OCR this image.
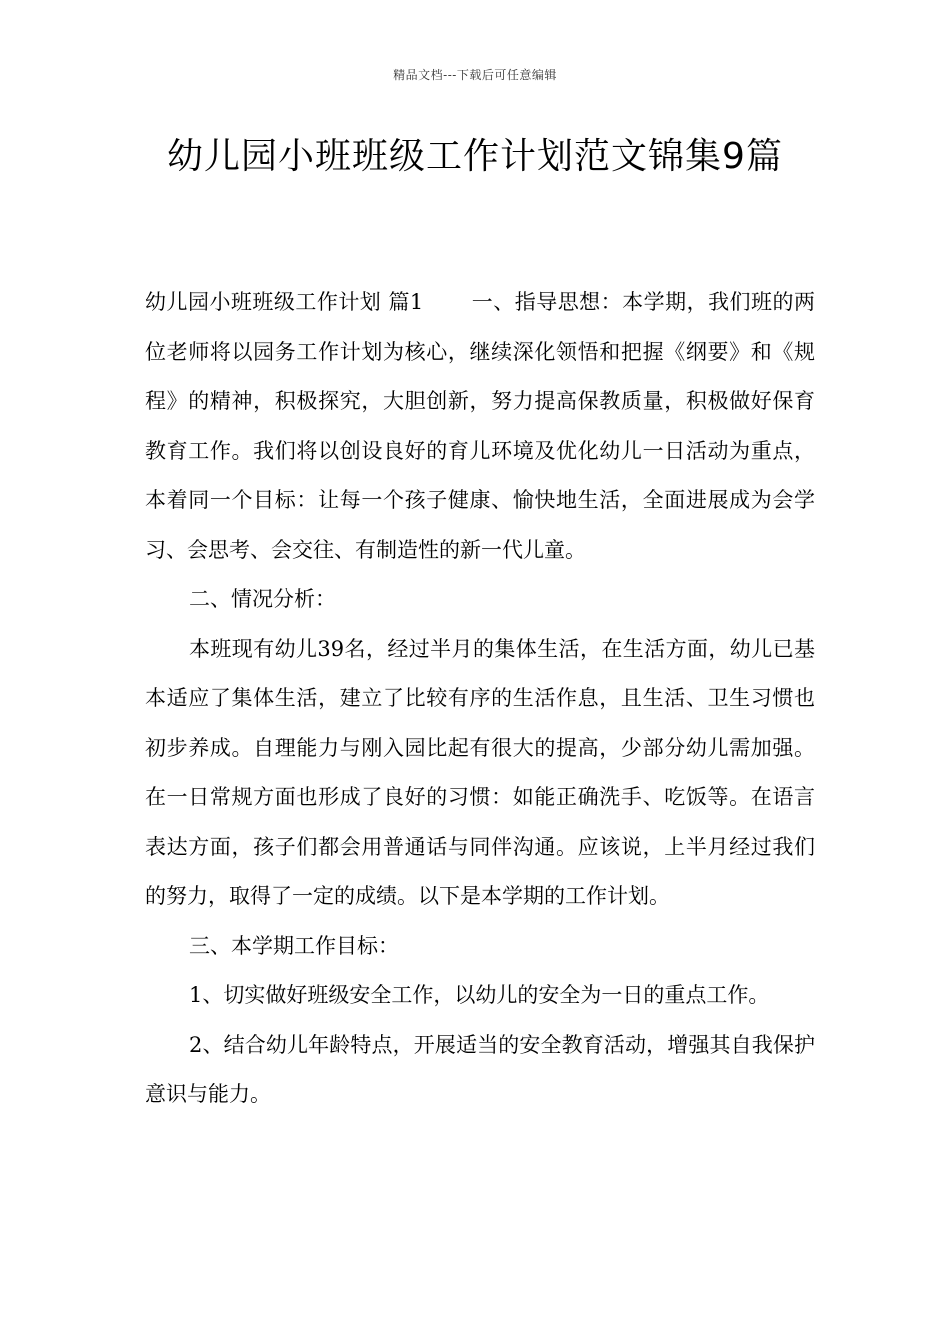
精品文档---下载后可任意编辑
幼儿园小班班级工作计划范文锦集9篇

幼儿园小班班级工作计划 篇1 一、指导思想：本学期，我们班的两位老师将以园务工作计划为核心，继续深化领悟和把握《纲要》和《规程》的精神，积极探究，大胆创新，努力提高保教质量，积极做好保育教育工作。我们将以创设良好的育儿环境及优化幼儿一日活动为重点，本着同一个目标：让每一个孩子健康、愉快地生活，全面进展成为会学习、会思考、会交往、有制造性的新一代儿童。

二、情况分析：

本班现有幼儿39名，经过半月的集体生活，在生活方面，幼儿已基本适应了集体生活，建立了比较有序的生活作息，且生活、卫生习惯也初步养成。自理能力与刚入园比起有很大的提高，少部分幼儿需加强。在一日常规方面也形成了良好的习惯：如能正确洗手、吃饭等。在语言表达方面，孩子们都会用普通话与同伴沟通。应该说，上半月经过我们的努力，取得了一定的成绩。以下是本学期的工作计划。

三、本学期工作目标：

1、切实做好班级安全工作，以幼儿的安全为一日的重点工作。

2、结合幼儿年龄特点，开展适当的安全教育活动，增强其自我保护意识与能力。
